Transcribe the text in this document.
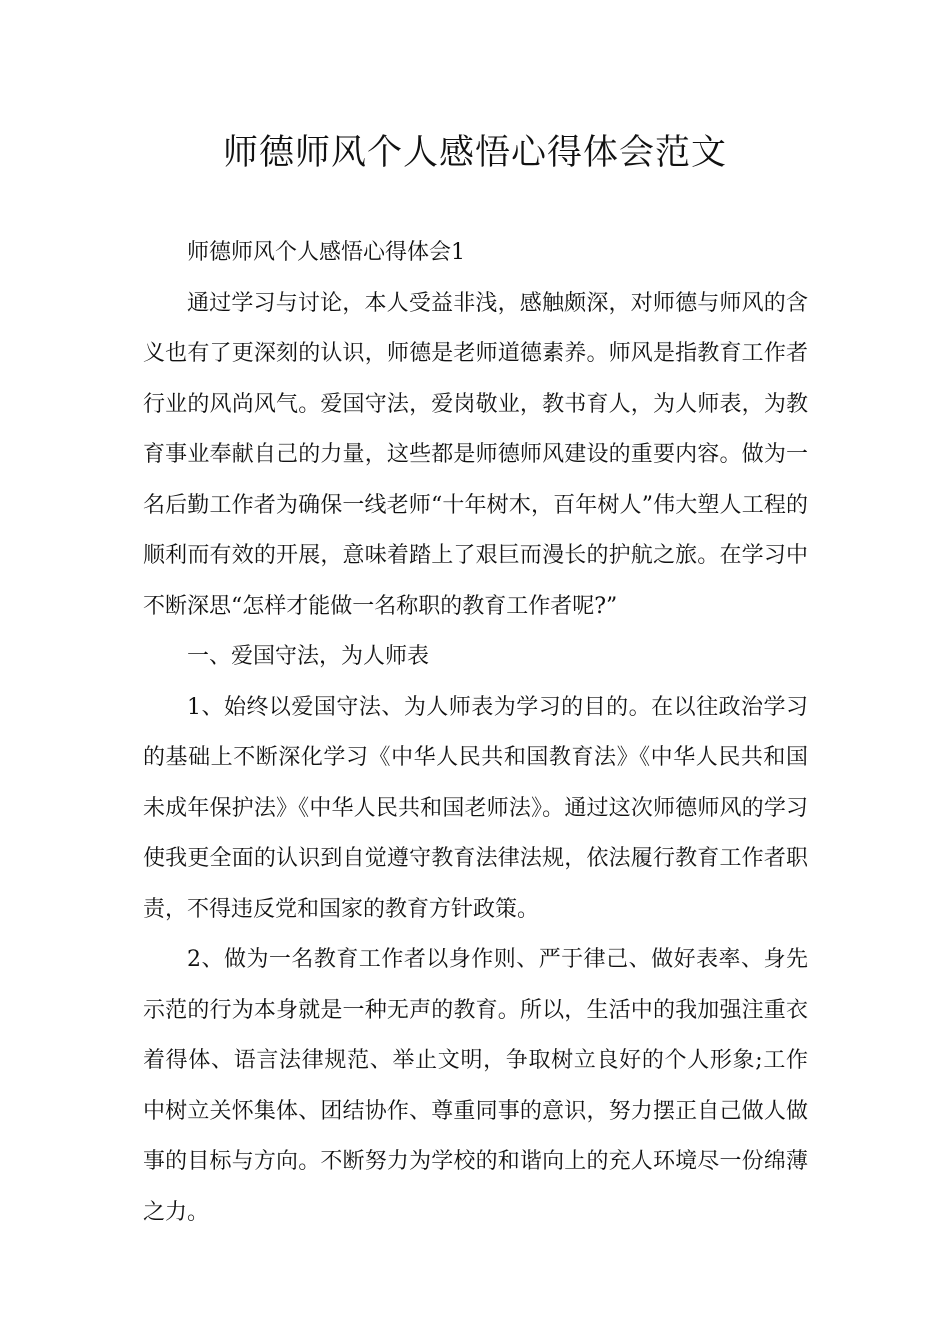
师德师风个人感悟心得体会范文

师德师风个人感悟心得体会1

通过学习与讨论，本人受益非浅，感触颇深，对师德与师风的含义也有了更深刻的认识，师德是老师道德素养。师风是指教育工作者行业的风尚风气。爱国守法，爱岗敬业，教书育人，为人师表，为教育事业奉献自己的力量，这些都是师德师风建设的重要内容。做为一名后勤工作者为确保一线老师“十年树木，百年树人”伟大塑人工程的顺利而有效的开展，意味着踏上了艰巨而漫长的护航之旅。在学习中不断深思“怎样才能做一名称职的教育工作者呢?”

一、爱国守法，为人师表

1、始终以爱国守法、为人师表为学习的目的。在以往政治学习的基础上不断深化学习《中华人民共和国教育法》《中华人民共和国未成年保护法》《中华人民共和国老师法》。通过这次师德师风的学习使我更全面的认识到自觉遵守教育法律法规，依法履行教育工作者职责，不得违反党和国家的教育方针政策。

2、做为一名教育工作者以身作则、严于律己、做好表率、身先示范的行为本身就是一种无声的教育。所以，生活中的我加强注重衣着得体、语言法律规范、举止文明，争取树立良好的个人形象;工作中树立关怀集体、团结协作、尊重同事的意识，努力摆正自己做人做事的目标与方向。不断努力为学校的和谐向上的充人环境尽一份绵薄之力。
